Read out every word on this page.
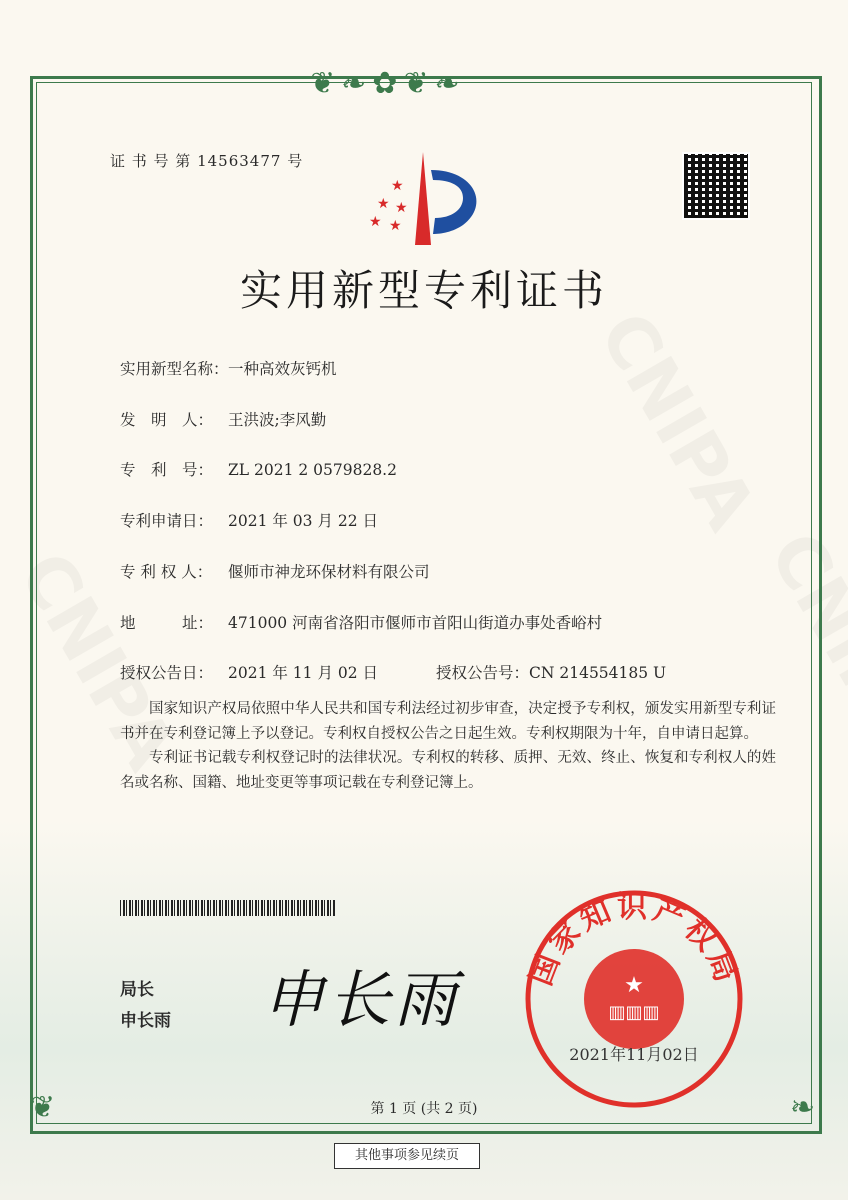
❦❧✿❦❧
❦	❧
证 书 号 第 14563477 号
★
★
★ ★
★
实用新型专利证书
实用新型名称：一种高效灰钙机
发　明　人： 王洪波;李风勤
专　利　号： ZL 2021 2 0579828.2
专利申请日： 2021 年 03 月 22 日
专 利 权 人： 偃师市神龙环保材料有限公司
地　　　址： 471000 河南省洛阳市偃师市首阳山街道办事处香峪村
授权公告日： 2021 年 11 月 02 日	授权公告号：CN 214554185 U

国家知识产权局依照中华人民共和国专利法经过初步审查，决定授予专利权，颁发实用新型专利证书并在专利登记簿上予以登记。专利权自授权公告之日起生效。专利权期限为十年，自申请日起算。

专利证书记载专利权登记时的法律状况。专利权的转移、质押、无效、终止、恢复和专利权人的姓名或名称、国籍、地址变更等事项记载在专利登记簿上。

局长
申长雨 申长雨 国家知识产权局
★
▥▥▥
2021年11月02日
第 1 页 (共 2 页)
其他事项参见续页
